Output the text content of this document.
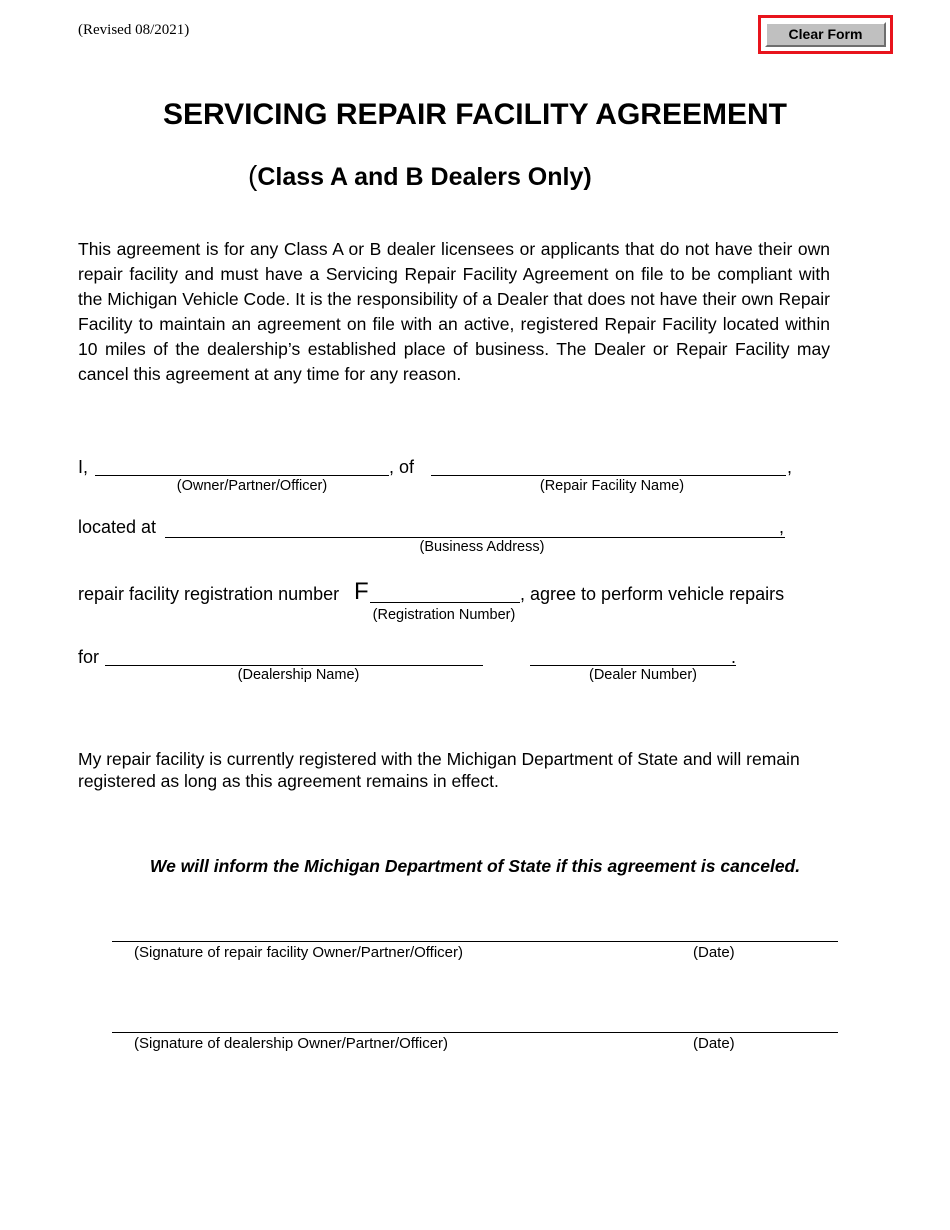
(Revised 08/2021)	Clear Form
SERVICING REPAIR FACILITY AGREEMENT
(Class A and B Dealers Only)
This agreement is for any Class A or B dealer licensees or applicants that do not have their own repair facility and must have a Servicing Repair Facility Agreement on file to be compliant with the Michigan Vehicle Code. It is the responsibility of a Dealer that does not have their own Repair Facility to maintain an agreement on file with an active, registered Repair Facility located within 10 miles of the dealership’s established place of business. The Dealer or Repair Facility may cancel this agreement at any time for any reason.
I,	, of	,
(Owner/Partner/Officer)	(Repair Facility Name)
located at	,
(Business Address)
repair facility registration number F	, agree to perform vehicle repairs
(Registration Number)
for	.
(Dealership Name)	(Dealer Number)
My repair facility is currently registered with the Michigan Department of State and will remain registered as long as this agreement remains in effect.
We will inform the Michigan Department of State if this agreement is canceled.
(Signature of repair facility Owner/Partner/Officer)	(Date)
(Signature of dealership Owner/Partner/Officer)	(Date)
